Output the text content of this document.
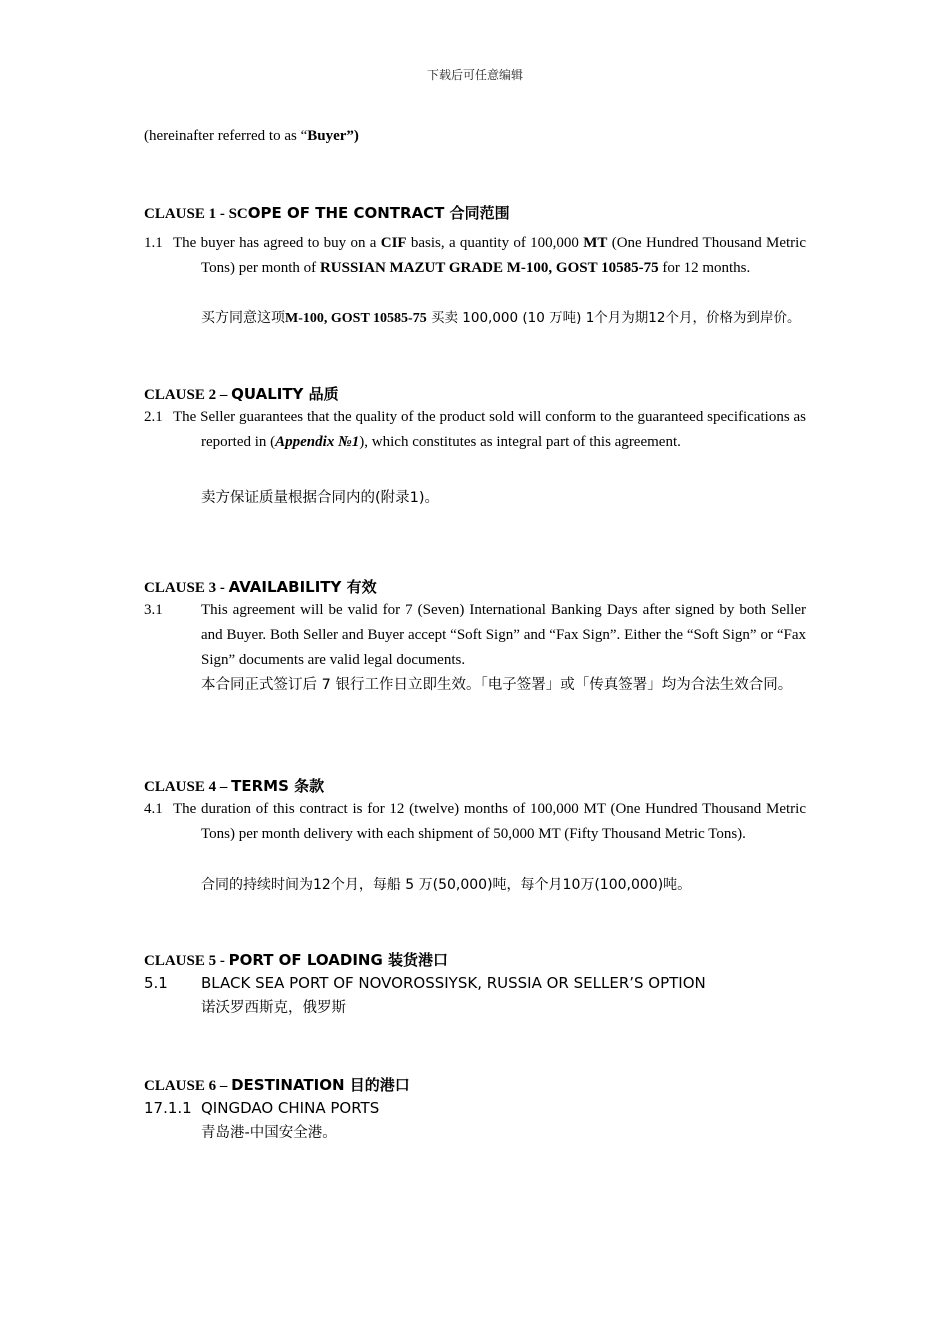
下载后可任意编辑
(hereinafter referred to as “Buyer”)
CLAUSE 1 - SCOPE OF THE CONTRACT 合同范围
1.1 The buyer has agreed to buy on a CIF basis, a quantity of 100,000 MT (One Hundred Thousand Metric Tons) per month of RUSSIAN MAZUT GRADE M-100, GOST 10585-75 for 12 months.
买方同意这项M-100, GOST 10585-75 买卖 100,000 (10 万吨) 1个月为期12个月，价格为到岸价。
CLAUSE 2 – QUALITY 品质
2.1 The Seller guarantees that the quality of the product sold will conform to the guaranteed specifications as reported in (Appendix №1), which constitutes as integral part of this agreement.
卖方保证质量根据合同内的(附录1)。
CLAUSE 3 - AVAILABILITY 有效
3.1	This agreement will be valid for 7 (Seven) International Banking Days after signed by both Seller and Buyer. Both Seller and Buyer accept “Soft Sign” and “Fax Sign”. Either the “Soft Sign” or “Fax Sign” documents are valid legal documents.
本合同正式签订后 7 银行工作日立即生效。「电子签署」或「传真签署」均为合法生效合同。
CLAUSE 4 – TERMS 条款
4.1 The duration of this contract is for 12 (twelve) months of 100,000 MT (One Hundred Thousand Metric Tons) per month delivery with each shipment of 50,000 MT (Fifty Thousand Metric Tons).
合同的持续时间为12个月，每船 5 万(50,000)吨，每个月10万(100,000)吨。
CLAUSE 5 - PORT OF LOADING 装货港口
5.1 BLACK SEA PORT OF NOVOROSSIYSK, RUSSIA OR SELLER’S OPTION
诺沃罗西斯克，俄罗斯
CLAUSE 6 – DESTINATION 目的港口
17.1.1 QINGDAO CHINA PORTS
青岛港-中国安全港。
